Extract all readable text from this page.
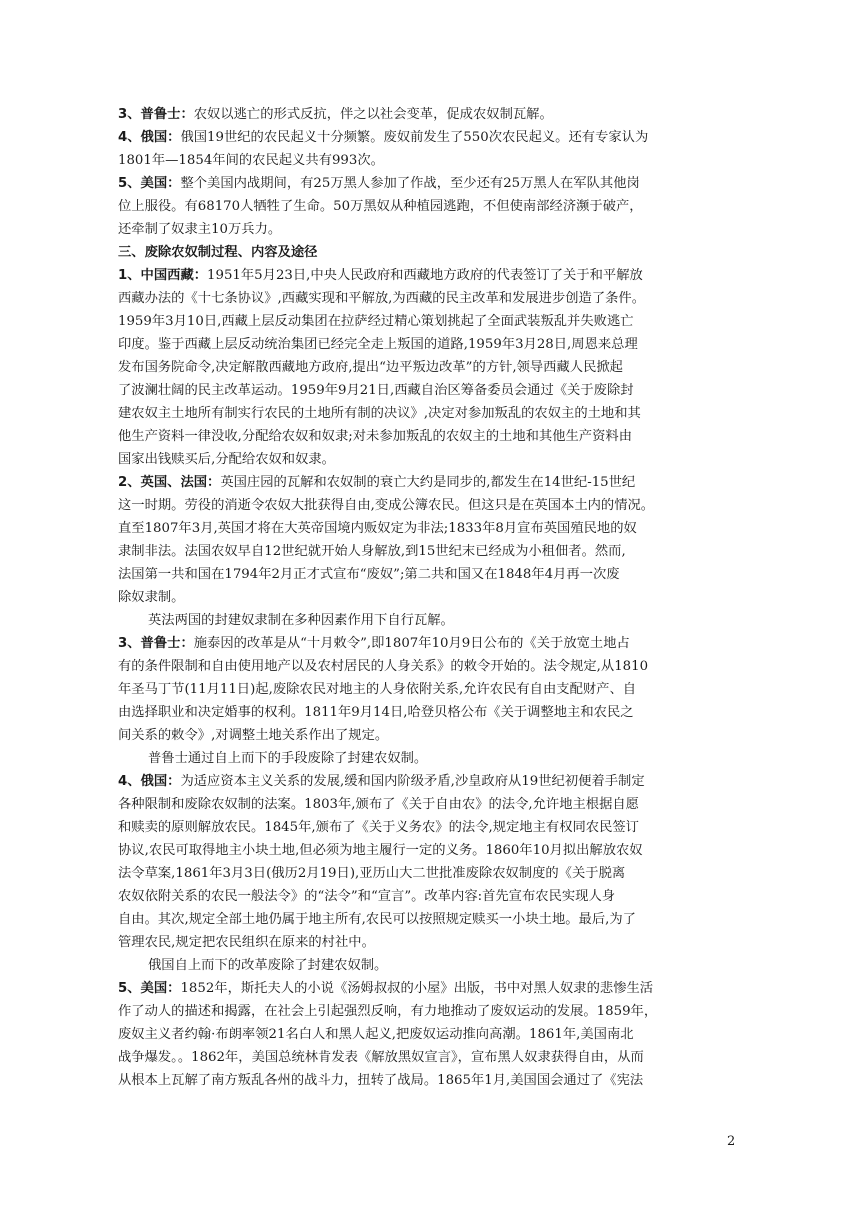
3、普鲁士：农奴以逃亡的形式反抗，伴之以社会变革，促成农奴制瓦解。
4、俄国：俄国19世纪的农民起义十分频繁。废奴前发生了550次农民起义。还有专家认为
1801年—1854年间的农民起义共有993次。
5、美国：整个美国内战期间，有25万黑人参加了作战，至少还有25万黑人在军队其他岗
位上服役。有68170人牺牲了生命。50万黑奴从种植园逃跑，不但使南部经济濒于破产，
还牵制了奴隶主10万兵力。
三、废除农奴制过程、内容及途径
1、中国西藏：1951年5月23日,中央人民政府和西藏地方政府的代表签订了关于和平解放
西藏办法的《十七条协议》,西藏实现和平解放,为西藏的民主改革和发展进步创造了条件。
1959年3月10日,西藏上层反动集团在拉萨经过精心策划挑起了全面武装叛乱并失败逃亡
印度。鉴于西藏上层反动统治集团已经完全走上叛国的道路,1959年3月28日,周恩来总理
发布国务院命令,决定解散西藏地方政府,提出“边平叛边改革”的方针,领导西藏人民掀起
了波澜壮阔的民主改革运动。1959年9月21日,西藏自治区筹备委员会通过《关于废除封
建农奴主土地所有制实行农民的土地所有制的决议》,决定对参加叛乱的农奴主的土地和其
他生产资料一律没收,分配给农奴和奴隶;对未参加叛乱的农奴主的土地和其他生产资料由
国家出钱赎买后,分配给农奴和奴隶。
2、英国、法国：英国庄园的瓦解和农奴制的衰亡大约是同步的,都发生在14世纪-15世纪
这一时期。劳役的消逝令农奴大批获得自由,变成公簿农民。但这只是在英国本土内的情况。
直至1807年3月,英国才将在大英帝国境内贩奴定为非法;1833年8月宣布英国殖民地的奴
隶制非法。法国农奴早自12世纪就开始人身解放,到15世纪末已经成为小租佃者。然而,
法国第一共和国在1794年2月正才式宣布“废奴”;第二共和国又在1848年4月再一次废
除奴隶制。
英法两国的封建奴隶制在多种因素作用下自行瓦解。
3、普鲁士：施泰因的改革是从“十月敕令”,即1807年10月9日公布的《关于放宽土地占
有的条件限制和自由使用地产以及农村居民的人身关系》的敕令开始的。法令规定,从1810
年圣马丁节(11月11日)起,废除农民对地主的人身依附关系,允许农民有自由支配财产、自
由选择职业和决定婚事的权利。1811年9月14日,哈登贝格公布《关于调整地主和农民之
间关系的敕令》,对调整土地关系作出了规定。
普鲁士通过自上而下的手段废除了封建农奴制。
4、俄国：为适应资本主义关系的发展,缓和国内阶级矛盾,沙皇政府从19世纪初便着手制定
各种限制和废除农奴制的法案。1803年,颁布了《关于自由农》的法令,允许地主根据自愿
和赎卖的原则解放农民。1845年,颁布了《关于义务农》的法令,规定地主有权同农民签订
协议,农民可取得地主小块土地,但必须为地主履行一定的义务。1860年10月拟出解放农奴
法令草案,1861年3月3日(俄历2月19日),亚历山大二世批准废除农奴制度的《关于脱离
农奴依附关系的农民一般法令》的“法令”和“宣言”。改革内容:首先宣布农民实现人身
自由。其次,规定全部土地仍属于地主所有,农民可以按照规定赎买一小块土地。最后,为了
管理农民,规定把农民组织在原来的村社中。
俄国自上而下的改革废除了封建农奴制。
5、美国：1852年，斯托夫人的小说《汤姆叔叔的小屋》出版，书中对黑人奴隶的悲惨生活
作了动人的描述和揭露，在社会上引起强烈反响，有力地推动了废奴运动的发展。1859年，
废奴主义者约翰·布朗率领21名白人和黑人起义,把废奴运动推向高潮。1861年,美国南北
战争爆发。。1862年，美国总统林肯发表《解放黑奴宣言》，宣布黑人奴隶获得自由，从而
从根本上瓦解了南方叛乱各州的战斗力，扭转了战局。1865年1月,美国国会通过了《宪法
2
